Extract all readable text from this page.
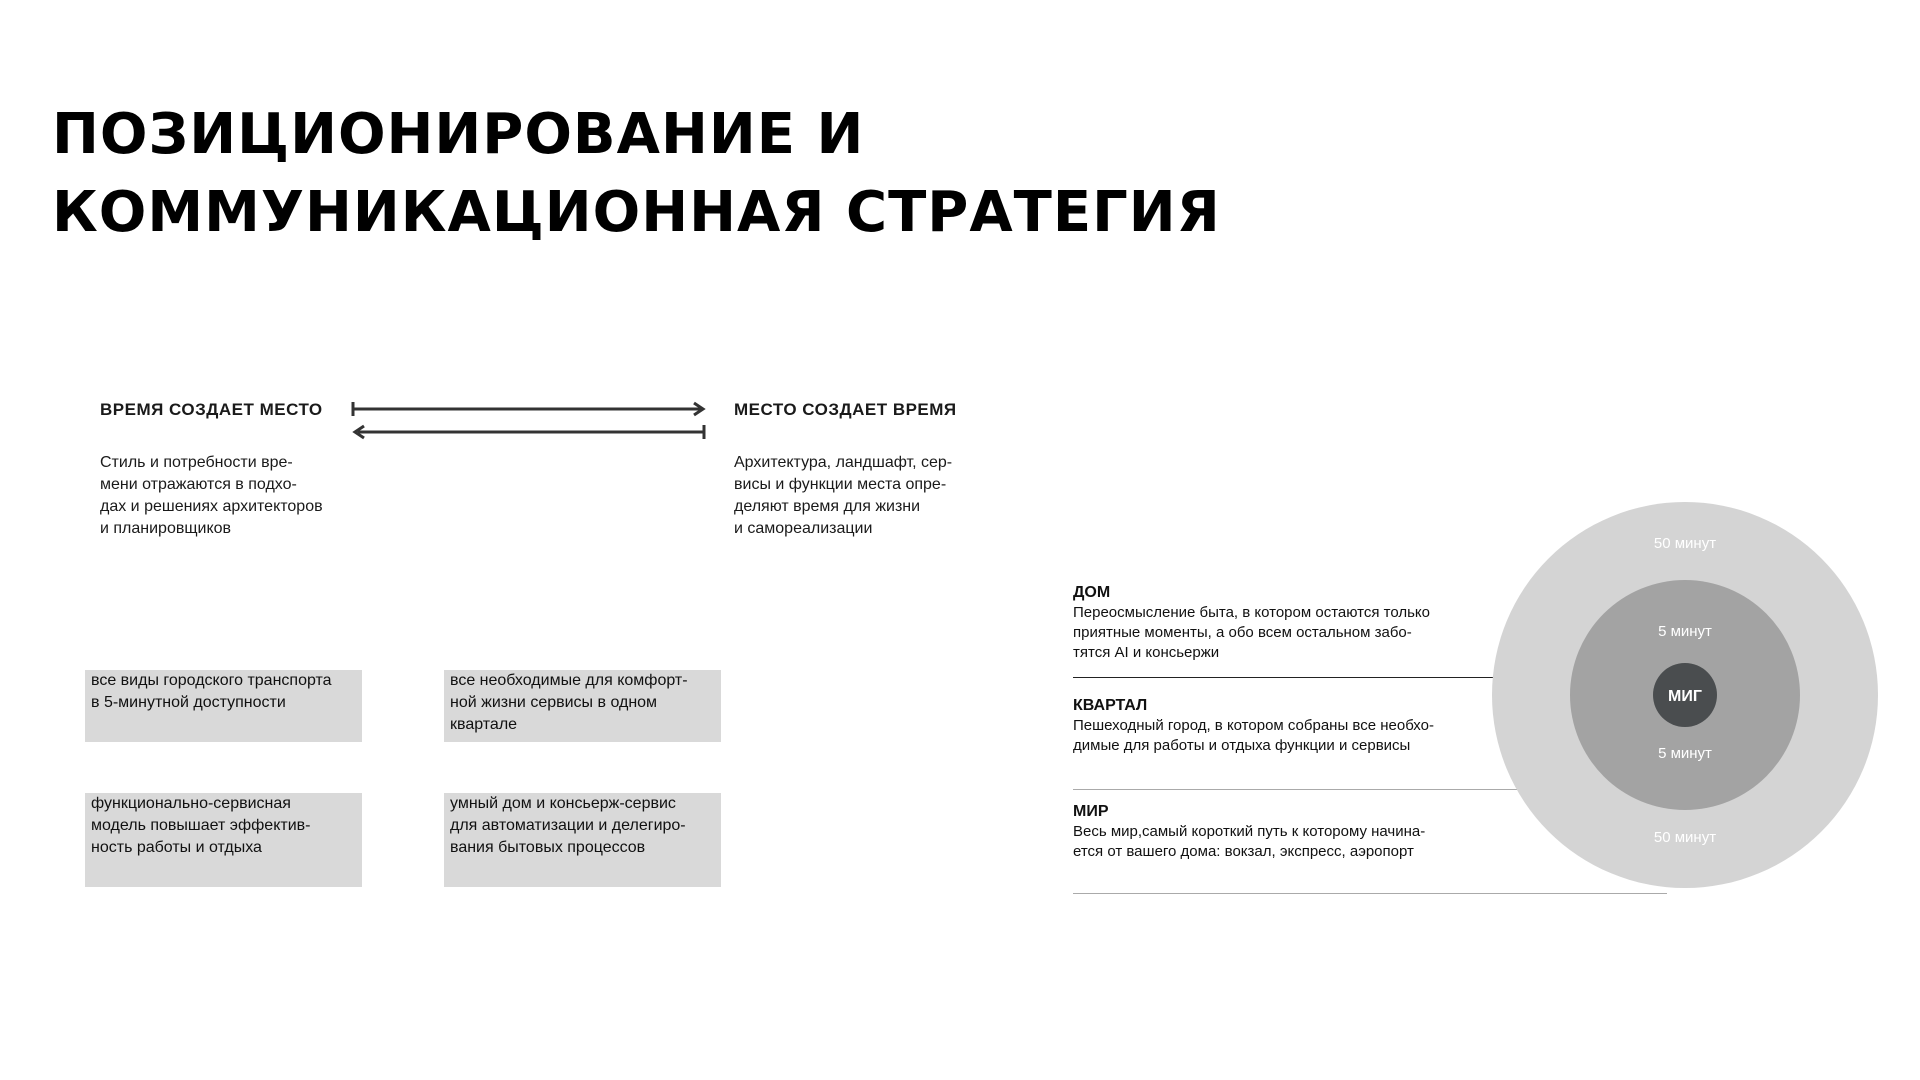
ПОЗИЦИОНИРОВАНИЕ И
КОММУНИКАЦИОННАЯ СТРАТЕГИЯ
ВРЕМЯ СОЗДАЕТ МЕСТО
Стиль и потребности вре-
мени отражаются в подхо-
дах и решениях архитекторов
и планировщиков
МЕСТО СОЗДАЕТ ВРЕМЯ
Архитектура, ландшафт, сер-
висы и функции места опре-
деляют время для жизни
и самореализации
все виды городского транспорта
в 5-минутной доступности
все необходимые для комфорт-
ной жизни сервисы в одном
квартале
функционально-сервисная
модель повышает эффектив-
ность работы и отдыха
умный дом и консьерж-сервис
для автоматизации и делегиро-
вания бытовых процессов
ДОМ
Переосмысление быта, в котором остаются только
приятные моменты, а обо всем остальном забо-
тятся AI и консьержи
КВАРТАЛ
Пешеходный город, в котором собраны все необхо-
димые для работы и отдыха функции и сервисы
МИР
Весь мир,самый короткий путь к которому начина-
ется от вашего дома: вокзал, экспресс, аэропорт
50 минут
5 минут
МИГ
5 минут
50 минут
